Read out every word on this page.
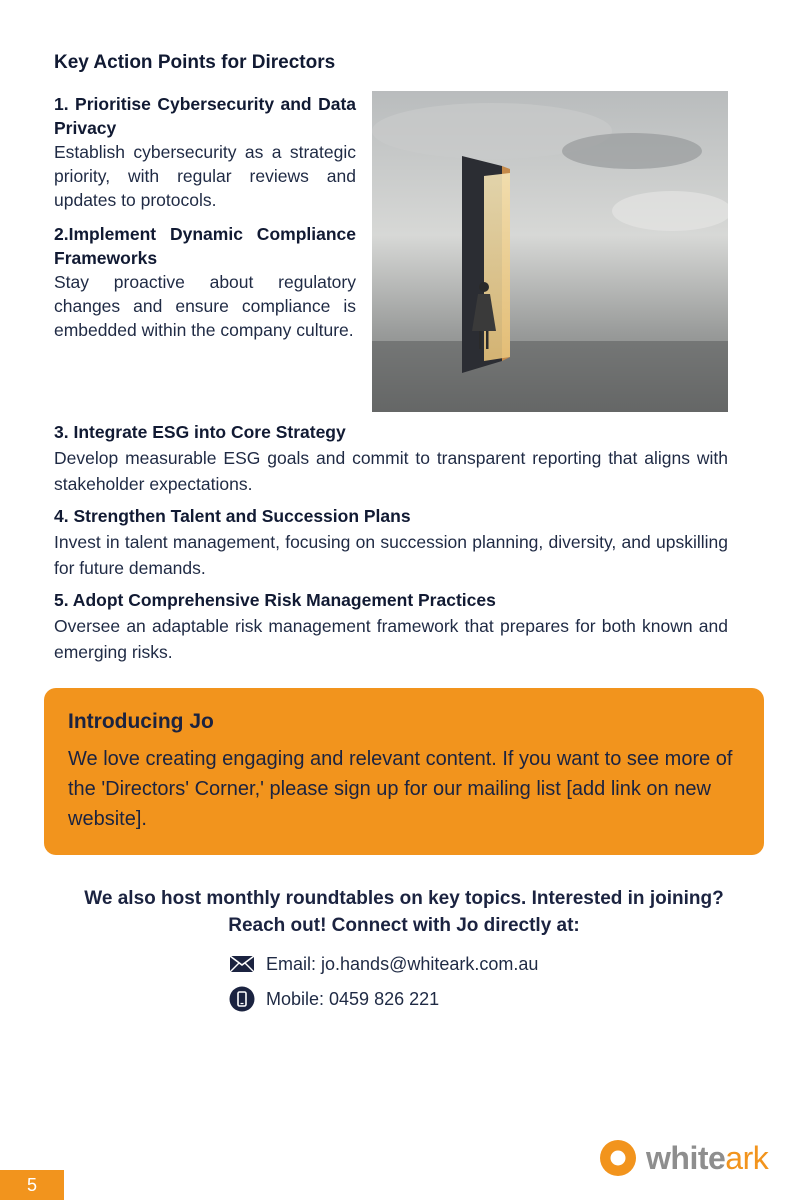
Key Action Points for Directors
1. Prioritise Cybersecurity and Data Privacy

Establish cybersecurity as a strategic priority, with regular reviews and updates to protocols.

2.Implement Dynamic Compliance Frameworks

Stay proactive about regulatory changes and ensure compliance is embedded within the company culture.

3. Integrate ESG into Core Strategy

Develop measurable ESG goals and commit to transparent reporting that aligns with stakeholder expectations.

4. Strengthen Talent and Succession Plans

Invest in talent management, focusing on succession planning, diversity, and upskilling for future demands.

5. Adopt Comprehensive Risk Management Practices

Oversee an adaptable risk management framework that prepares for both known and emerging risks.

Introducing Jo

We love creating engaging and relevant content. If you want to see more of the 'Directors' Corner,' please sign up for our mailing list [add link on new website].

We also host monthly roundtables on key topics. Interested in joining? Reach out! Connect with Jo directly at:
Email: jo.hands@whiteark.com.au
Mobile: 0459 826 221
whiteark
5
